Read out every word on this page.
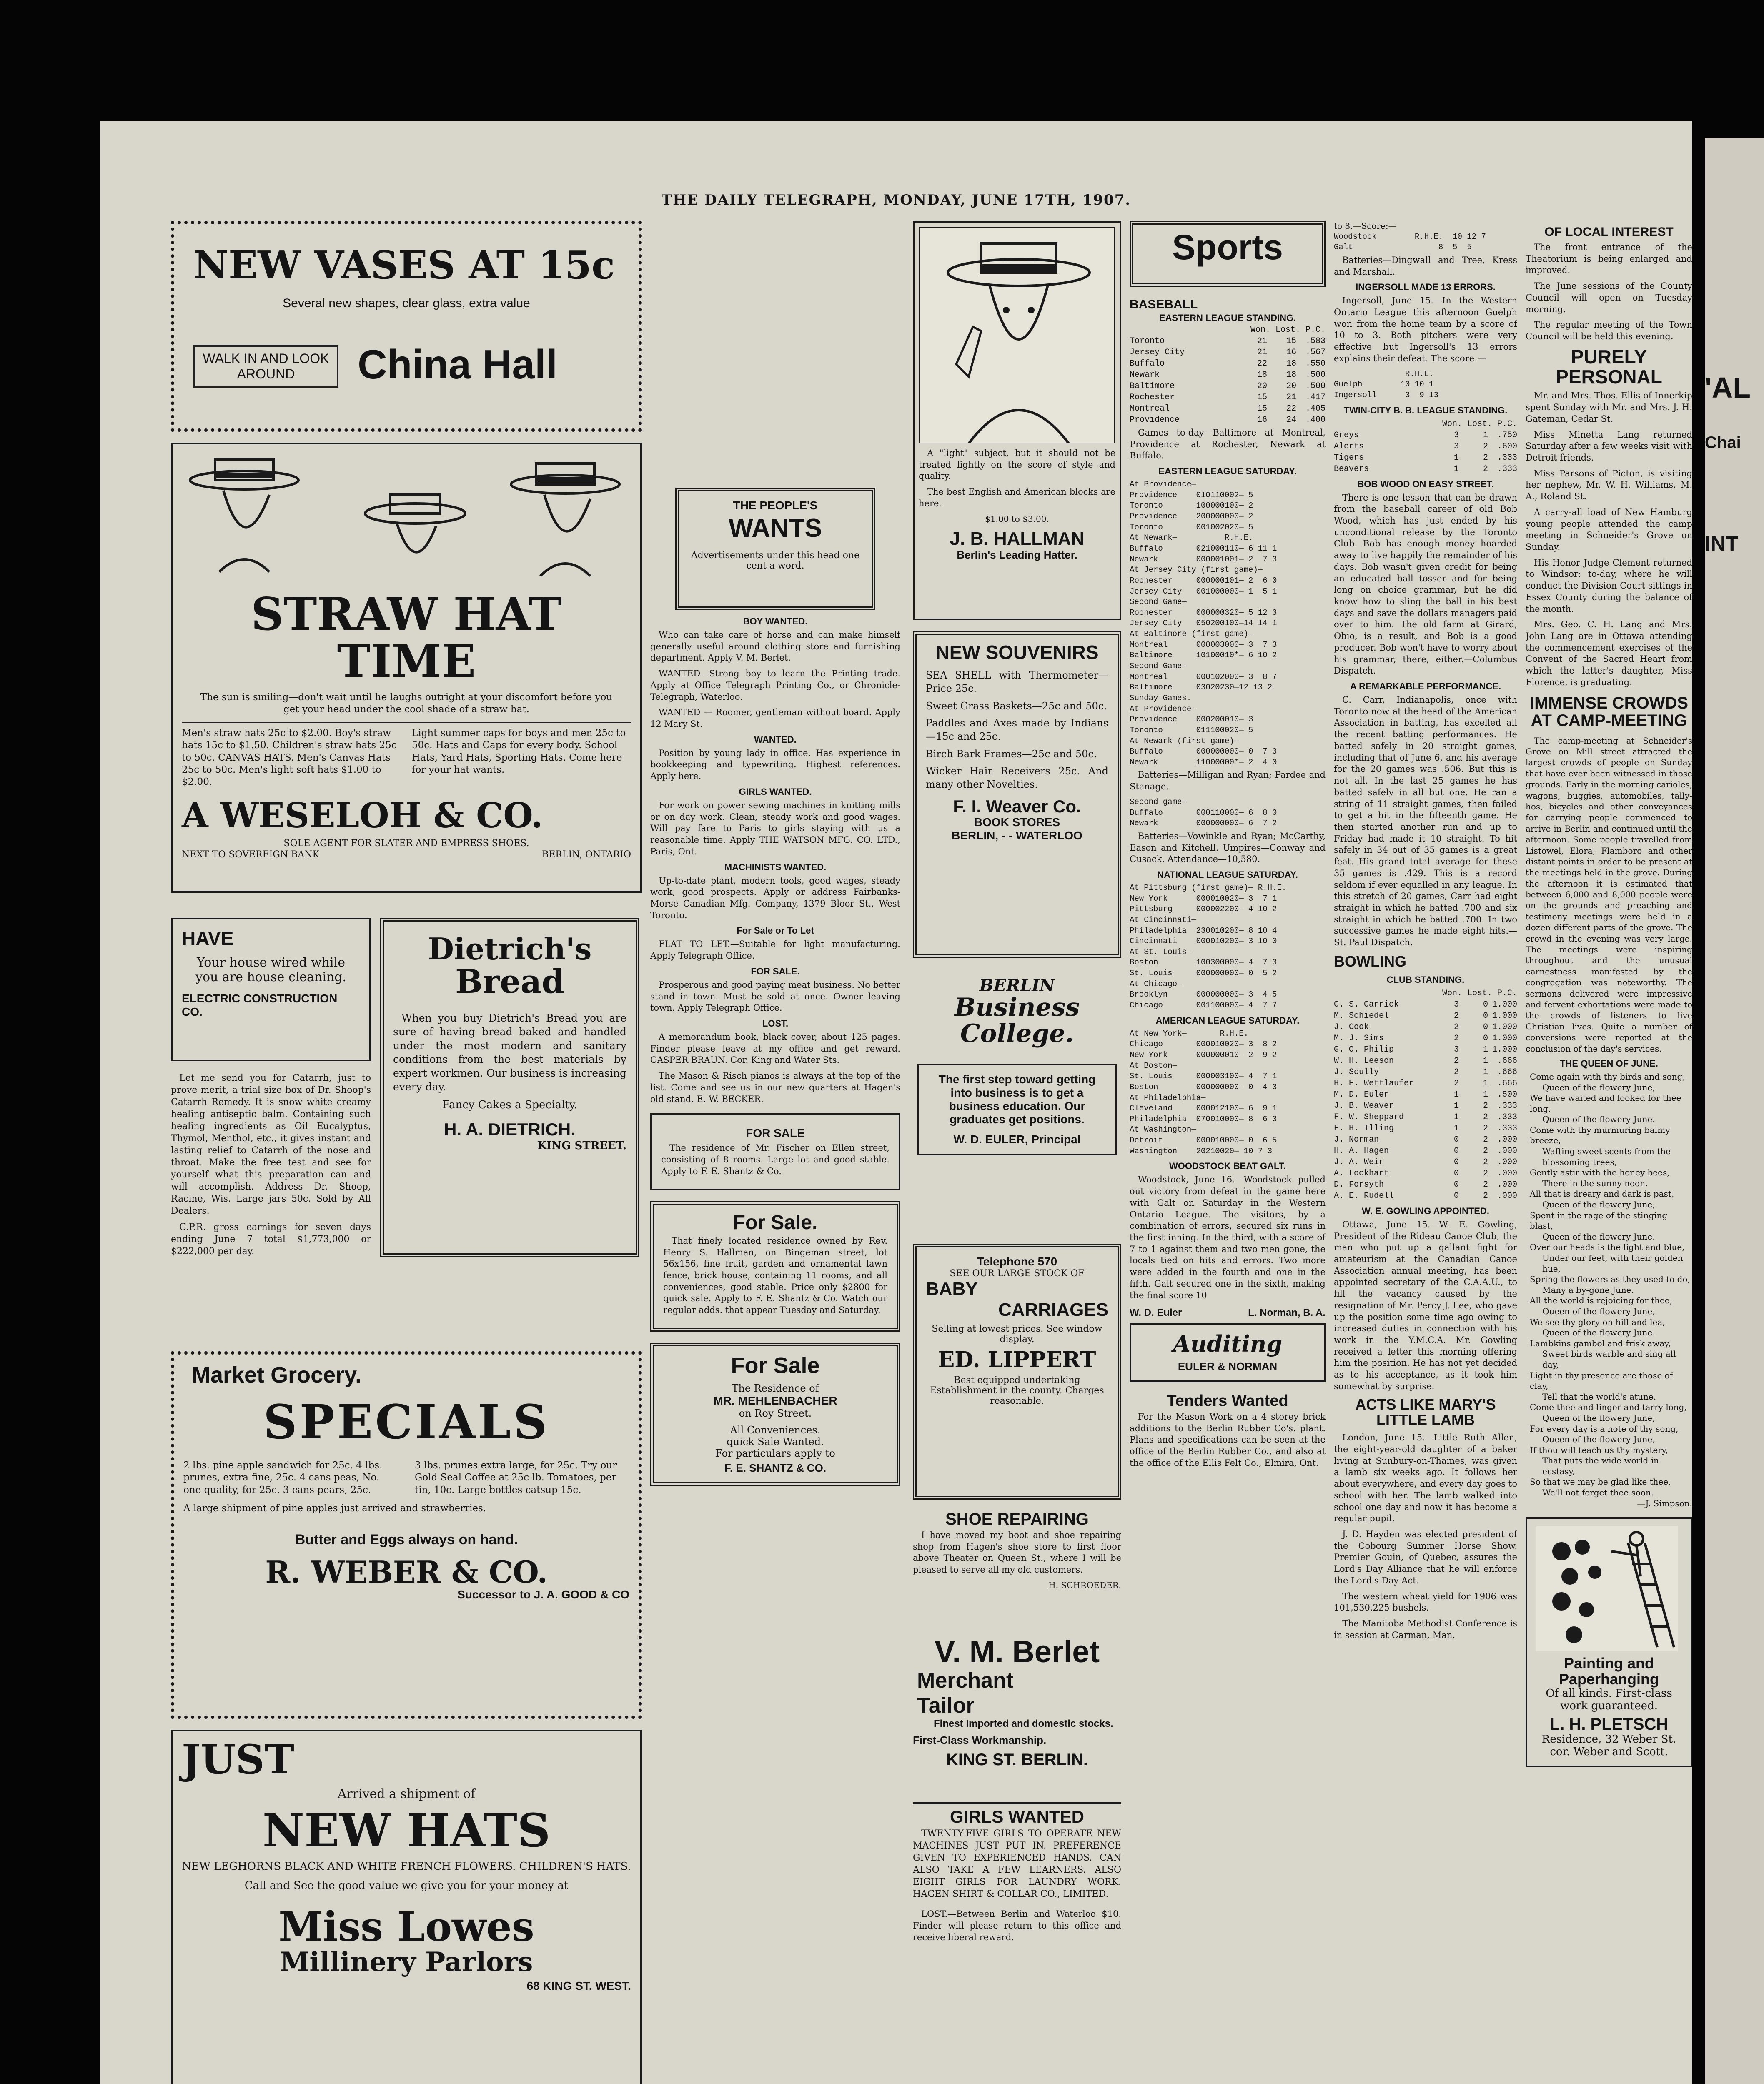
THE DAILY TELEGRAPH, MONDAY, JUNE 17TH, 1907.
NEW VASES AT 15c
Several new shapes, clear glass, extra value
WALK IN AND LOOK AROUND	China Hall
STRAW HAT TIME
The sun is smiling—don't wait until he laughs outright at your discomfort before you get your head under the cool shade of a straw hat.
Men's straw hats 25c to $2.00. Boy's straw hats 15c to $1.50. Children's straw hats 25c to 50c. CANVAS HATS. Men's Canvas Hats 25c to 50c. Men's light soft hats $1.00 to $2.00.
Light summer caps for boys and men 25c to 50c. Hats and Caps for every body. School Hats, Yard Hats, Sporting Hats. Come here for your hat wants.
A WESELOH & CO.
SOLE AGENT FOR SLATER AND EMPRESS SHOES.
NEXT TO SOVEREIGN BANK	BERLIN, ONTARIO
HAVE
Your house wired while you are house cleaning.
ELECTRIC CONSTRUCTION CO.
Let me send you for Catarrh, just to prove merit, a trial size box of Dr. Shoop's Catarrh Remedy. It is snow white creamy healing antiseptic balm. Containing such healing ingredients as Oil Eucalyptus, Thymol, Menthol, etc., it gives instant and lasting relief to Catarrh of the nose and throat. Make the free test and see for yourself what this preparation can and will accomplish. Address Dr. Shoop, Racine, Wis. Large jars 50c. Sold by All Dealers.
C.P.R. gross earnings for seven days ending June 7 total $1,773,000 or $222,000 per day.
Dietrich's
Bread
When you buy Dietrich's Bread you are sure of having bread baked and handled under the most modern and sanitary conditions from the best materials by expert workmen. Our business is increasing every day.
Fancy Cakes a Specialty.
H. A. DIETRICH.
KING STREET.
Market Grocery.
SPECIALS
2 lbs. pine apple sandwich for 25c. 4 lbs. prunes, extra fine, 25c. 4 cans peas, No. one quality, for 25c. 3 cans pears, 25c.
3 lbs. prunes extra large, for 25c. Try our Gold Seal Coffee at 25c lb. Tomatoes, per tin, 10c. Large bottles catsup 15c.
A large shipment of pine apples just arrived and strawberries.
Butter and Eggs always on hand.
R. WEBER & CO.
Successor to J. A. GOOD & CO
JUST
Arrived a shipment of
NEW HATS
NEW LEGHORNS BLACK AND WHITE FRENCH FLOWERS. CHILDREN'S HATS.
Call and See the good value we give you for your money at
Miss Lowes
Millinery Parlors
68 KING ST. WEST.
THE PEOPLE'S
WANTS
Advertisements under this head one cent a word.
BOY WANTED.
Who can take care of horse and can make himself generally useful around clothing store and furnishing department. Apply V. M. Berlet.
WANTED—Strong boy to learn the Printing trade. Apply at Office Telegraph Printing Co., or Chronicle-Telegraph, Waterloo.
WANTED — Roomer, gentleman without board. Apply 12 Mary St.
WANTED.
Position by young lady in office. Has experience in bookkeeping and typewriting. Highest references. Apply here.
GIRLS WANTED.
For work on power sewing machines in knitting mills or on day work. Clean, steady work and good wages. Will pay fare to Paris to girls staying with us a reasonable time. Apply THE WATSON MFG. CO. LTD., Paris, Ont.
MACHINISTS WANTED.
Up-to-date plant, modern tools, good wages, steady work, good prospects. Apply or address Fairbanks-Morse Canadian Mfg. Company, 1379 Bloor St., West Toronto.
For Sale or To Let
FLAT TO LET.—Suitable for light manufacturing. Apply Telegraph Office.
FOR SALE.
Prosperous and good paying meat business. No better stand in town. Must be sold at once. Owner leaving town. Apply Telegraph Office.
LOST.
A memorandum book, black cover, about 125 pages. Finder please leave at my office and get reward. CASPER BRAUN. Cor. King and Water Sts.
The Mason & Risch pianos is always at the top of the list. Come and see us in our new quarters at Hagen's old stand. E. W. BECKER.
FOR SALE
The residence of Mr. Fischer on Ellen street, consisting of 8 rooms. Large lot and good stable. Apply to F. E. Shantz & Co.
For Sale.
That finely located residence owned by Rev. Henry S. Hallman, on Bingeman street, lot 56x156, fine fruit, garden and ornamental lawn fence, brick house, containing 11 rooms, and all conveniences, good stable. Price only $2800 for quick sale. Apply to F. E. Shantz & Co. Watch our regular adds. that appear Tuesday and Saturday.
For Sale
The Residence of
MR. MEHLENBACHER
on Roy Street.
All Conveniences.
quick Sale Wanted.
For particulars apply to
F. E. SHANTZ & CO.
A "light" subject, but it should not be treated lightly on the score of style and quality.
The best English and American blocks are here.
$1.00 to $3.00.
J. B. HALLMAN
Berlin's Leading Hatter.
NEW SOUVENIRS
SEA SHELL with Thermometer—Price 25c.
Sweet Grass Baskets—25c and 50c.
Paddles and Axes made by Indians—15c and 25c.
Birch Bark Frames—25c and 50c.
Wicker Hair Receivers 25c. And many other Novelties.
F. I. Weaver Co.
BOOK STORES
BERLIN, - - WATERLOO
BERLIN
Business College.
The first step toward getting into business is to get a business education. Our graduates get positions.
W. D. EULER, Principal
Telephone 570
SEE OUR LARGE STOCK OF
BABY
CARRIAGES
Selling at lowest prices. See window display.
ED. LIPPERT
Best equipped undertaking Establishment in the county. Charges reasonable.
SHOE REPAIRING
I have moved my boot and shoe repairing shop from Hagen's shoe store to first floor above Theater on Queen St., where I will be pleased to serve all my old customers.
H. SCHROEDER.
V. M. Berlet
Merchant
Tailor
Finest Imported and domestic stocks.
First-Class Workmanship.
KING ST. BERLIN.
GIRLS WANTED
TWENTY-FIVE GIRLS TO OPERATE NEW MACHINES JUST PUT IN. PREFERENCE GIVEN TO EXPERIENCED HANDS. CAN ALSO TAKE A FEW LEARNERS. ALSO EIGHT GIRLS FOR LAUNDRY WORK. HAGEN SHIRT & COLLAR CO., LIMITED.
LOST.—Between Berlin and Waterloo $10. Finder will please return to this office and receive liberal reward.
Sports
BASEBALL
EASTERN LEAGUE STANDING.
Won. Lost. P.C.
Toronto	21	15	.583
Jersey City	21	16	.567
Buffalo	22	18	.550
Newark	18	18	.500
Baltimore	20	20	.500
Rochester	15	21	.417
Montreal	15	22	.405
Providence	16	24	.400
Games to-day—Baltimore at Montreal, Providence at Rochester, Newark at Buffalo.
EASTERN LEAGUE SATURDAY.
At Providence—
Providence    010110002— 5
Toronto       100000100— 2
Providence    200000000— 2
Toronto       001002020— 5
At Newark—          R.H.E.
Buffalo       021000110— 6 11 1
Newark        000001001— 2  7 3
At Jersey City (first game)—
Rochester     000000101— 2  6 0
Jersey City   001000000— 1  5 1
Second Game—
Rochester     000000320— 5 12 3
Jersey City   050200100—14 14 1
At Baltimore (first game)—
Montreal      000003000— 3  7 3
Baltimore     10100010*— 6 10 2
Second Game—
Montreal      000102000— 3  8 7
Baltimore     03020230—12 13 2
Sunday Games.
At Providence—
Providence    000200010— 3
Toronto       011100020— 5
At Newark (first game)—
Buffalo       000000000— 0  7 3
Newark        11000000*— 2  4 0
Batteries—Milligan and Ryan; Pardee and Stanage.
Second game—
Buffalo       000110000— 6  8 0
Newark        000000000— 6  7 2
Batteries—Vowinkle and Ryan; McCarthy, Eason and Kitchell. Umpires—Conway and Cusack. Attendance—10,580.
NATIONAL LEAGUE SATURDAY.
At Pittsburg (first game)— R.H.E.
New York      000010020— 3  7 1
Pittsburg     000002200— 4 10 2
At Cincinnati—
Philadelphia  230010200— 8 10 4
Cincinnati    000010200— 3 10 0
At St. Louis—
Boston        100300000— 4  7 3
St. Louis     000000000— 0  5 2
At Chicago—
Brooklyn      000000000— 3  4 5
Chicago       001100000— 4  7 7
AMERICAN LEAGUE SATURDAY.
At New York—       R.H.E.
Chicago       000010020— 3  8 2
New York      000000010— 2  9 2
At Boston—
St. Louis     000003100— 4  7 1
Boston        000000000— 0  4 3
At Philadelphia—
Cleveland     000012100— 6  9 1
Philadelphia  070010000— 8  6 3
At Washington—
Detroit       000010000— 0  6 5
Washington    20210020— 10 7 3
WOODSTOCK BEAT GALT.
Woodstock, June 16.—Woodstock pulled out victory from defeat in the game here with Galt on Saturday in the Western Ontario League. The visitors, by a combination of errors, secured six runs in the first inning. In the third, with a score of 7 to 1 against them and two men gone, the locals tied on hits and errors. Two more were added in the fourth and one in the fifth. Galt secured one in the sixth, making the final score 10
W. D. Euler	L. Norman, B. A.
Auditing
EULER & NORMAN
Tenders Wanted
For the Mason Work on a 4 storey brick additions to the Berlin Rubber Co's. plant. Plans and specifications can be seen at the office of the Berlin Rubber Co., and also at the office of the Ellis Felt Co., Elmira, Ont.
to 8.—Score:—
Woodstock        R.H.E.  10 12 7
Galt                  8  5  5
Batteries—Dingwall and Tree, Kress and Marshall.
INGERSOLL MADE 13 ERRORS.
Ingersoll, June 15.—In the Western Ontario League this afternoon Guelph won from the home team by a score of 10 to 3. Both pitchers were very effective but Ingersoll's 13 errors explains their defeat. The score:—
R.H.E.
Guelph        10 10 1
Ingersoll      3  9 13
TWIN-CITY B. B. LEAGUE STANDING.
Won. Lost. P.C.
Greys	3	1	.750
Alerts	3	2	.600
Tigers	1	2	.333
Beavers	1	2	.333
BOB WOOD ON EASY STREET.
There is one lesson that can be drawn from the baseball career of old Bob Wood, which has just ended by his unconditional release by the Toronto Club. Bob has enough money hoarded away to live happily the remainder of his days. Bob wasn't given credit for being an educated ball tosser and for being long on choice grammar, but he did know how to sling the ball in his best days and save the dollars managers paid over to him. The old farm at Girard, Ohio, is a result, and Bob is a good producer. Bob won't have to worry about his grammar, there, either.—Columbus Dispatch.
A REMARKABLE PERFORMANCE.
C. Carr, Indianapolis, once with Toronto now at the head of the American Association in batting, has excelled all the recent batting performances. He batted safely in 20 straight games, including that of June 6, and his average for the 20 games was .506. But this is not all. In the last 25 games he has batted safely in all but one. He ran a string of 11 straight games, then failed to get a hit in the fifteenth game. He then started another run and up to Friday had made it 10 straight. To hit safely in 34 out of 35 games is a great feat. His grand total average for these 35 games is .429. This is a record seldom if ever equalled in any league. In this stretch of 20 games, Carr had eight straight in which he batted .700 and six straight in which he batted .700. In two successive games he made eight hits.—St. Paul Dispatch.
BOWLING
CLUB STANDING.
Won. Lost. P.C.
C. S. Carrick	3	0 1.000
M. Schiedel	2	0 1.000
J. Cook	2	0 1.000
M. J. Sims	2	0 1.000
G. O. Philip	3	1 1.000
W. H. Leeson	2	1	.666
J. Scully	2	1	.666
H. E. Wettlaufer	2	1	.666
M. D. Euler	1	1	.500
J. B. Weaver	1	2	.333
F. W. Sheppard	1	2	.333
F. H. Illing	1	2	.333
J. Norman	0	2	.000
H. A. Hagen	0	2	.000
J. A. Weir	0	2	.000
A. Lockhart	0	2	.000
D. Forsyth	0	2	.000
A. E. Rudell	0	2	.000
W. E. GOWLING APPOINTED.
Ottawa, June 15.—W. E. Gowling, President of the Rideau Canoe Club, the man who put up a gallant fight for amateurism at the Canadian Canoe Association annual meeting, has been appointed secretary of the C.A.A.U., to fill the vacancy caused by the resignation of Mr. Percy J. Lee, who gave up the position some time ago owing to increased duties in connection with his work in the Y.M.C.A. Mr. Gowling received a letter this morning offering him the position. He has not yet decided as to his acceptance, as it took him somewhat by surprise.
ACTS LIKE MARY'S LITTLE LAMB
London, June 15.—Little Ruth Allen, the eight-year-old daughter of a baker living at Sunbury-on-Thames, was given a lamb six weeks ago. It follows her about everywhere, and every day goes to school with her. The lamb walked into school one day and now it has become a regular pupil.
J. D. Hayden was elected president of the Cobourg Summer Horse Show. Premier Gouin, of Quebec, assures the Lord's Day Alliance that he will enforce the Lord's Day Act.
The western wheat yield for 1906 was 101,530,225 bushels.
The Manitoba Methodist Conference is in session at Carman, Man.
OF LOCAL INTEREST
The front entrance of the Theatorium is being enlarged and improved.
The June sessions of the County Council will open on Tuesday morning.
The regular meeting of the Town Council will be held this evening.
PURELY PERSONAL
Mr. and Mrs. Thos. Ellis of Innerkip spent Sunday with Mr. and Mrs. J. H. Gateman, Cedar St.
Miss Minetta Lang returned Saturday after a few weeks visit with Detroit friends.
Miss Parsons of Picton, is visiting her nephew, Mr. W. H. Williams, M. A., Roland St.
A carry-all load of New Hamburg young people attended the camp meeting in Schneider's Grove on Sunday.
His Honor Judge Clement returned to Windsor: to-day, where he will conduct the Division Court sittings in Essex County during the balance of the month.
Mrs. Geo. C. H. Lang and Mrs. John Lang are in Ottawa attending the commencement exercises of the Convent of the Sacred Heart from which the latter's daughter, Miss Florence, is graduating.
IMMENSE CROWDS AT CAMP-MEETING
The camp-meeting at Schneider's Grove on Mill street attracted the largest crowds of people on Sunday that have ever been witnessed in those grounds. Early in the morning carioles, wagons, buggies, automobiles, tally-hos, bicycles and other conveyances for carrying people commenced to arrive in Berlin and continued until the afternoon. Some people travelled from Listowel, Elora, Flamboro and other distant points in order to be present at the meetings held in the grove. During the afternoon it is estimated that between 6,000 and 8,000 people were on the grounds and preaching and testimony meetings were held in a dozen different parts of the grove. The crowd in the evening was very large. The meetings were inspiring throughout and the unusual earnestness manifested by the congregation was noteworthy. The sermons delivered were impressive and fervent exhortations were made to the crowds of listeners to live Christian lives. Quite a number of conversions were reported at the conclusion of the day's services.
THE QUEEN OF JUNE.
Come again with thy birds and song,
Queen of the flowery June,
We have waited and looked for thee long,
Queen of the flowery June.
Come with thy murmuring balmy breeze,
Wafting sweet scents from the blossoming trees,
Gently astir with the honey bees,
There in the sunny noon.
All that is dreary and dark is past,
Queen of the flowery June,
Spent in the rage of the stinging blast,
Queen of the flowery June.
Over our heads is the light and blue,
Under our feet, with their golden hue,
Spring the flowers as they used to do,
Many a by-gone June.
All the world is rejoicing for thee,
Queen of the flowery June,
We see thy glory on hill and lea,
Queen of the flowery June.
Lambkins gambol and frisk away,
Sweet birds warble and sing all day,
Light in thy presence are those of clay,
Tell that the world's atune.
Come thee and linger and tarry long,
Queen of the flowery June,
For every day is a note of thy song,
Queen of the flowery June,
If thou will teach us thy mystery,
That puts the wide world in ecstasy,
So that we may be glad like thee,
We'll not forget thee soon.
—J. Simpson.
Painting and Paperhanging
Of all kinds. First-class work guaranteed.
L. H. PLETSCH
Residence, 32 Weber St. cor. Weber and Scott.
'AL
Chai
INT
